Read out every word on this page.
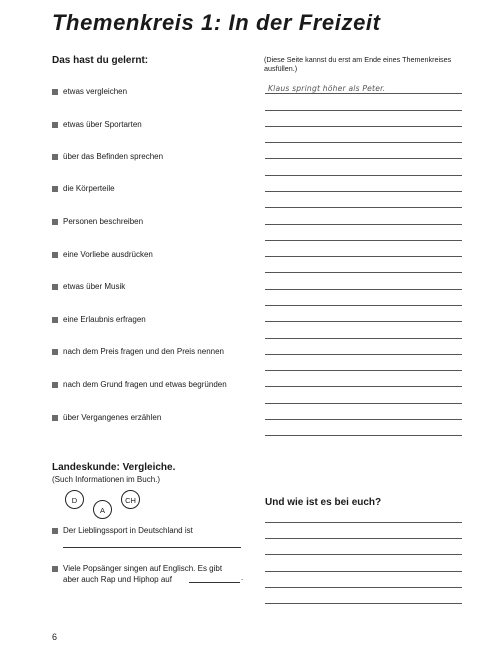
Themenkreis 1: In der Freizeit
Das hast du gelernt:	(Diese Seite kannst du erst am Ende eines Themenkreises ausfüllen.)
etwas vergleichen
etwas über Sportarten
über das Befinden sprechen
die Körperteile
Personen beschreiben
eine Vorliebe ausdrücken
etwas über Musik
eine Erlaubnis erfragen
nach dem Preis fragen und den Preis nennen
nach dem Grund fragen und etwas begründen
über Vergangenes erzählen
Klaus springt höher als Peter.
Landeskunde: Vergleiche.
(Such Informationen im Buch.)
D
A
CH
Der Lieblingssport in Deutschland ist
Viele Popsänger singen auf Englisch. Es gibt
aber auch Rap und Hiphop auf	.
Und wie ist es bei euch?
6
